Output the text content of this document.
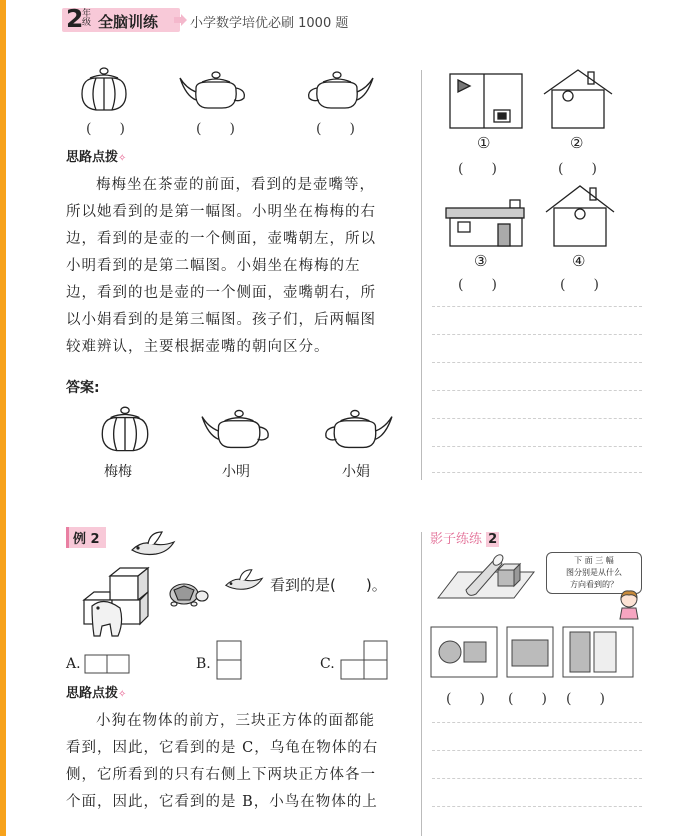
2
年级 全脑训练 小学数学培优必刷 1000 题
(　　)	(　　)	(　　)
思路点拨✧
梅梅坐在茶壶的前面，看到的是壶嘴等，
所以她看到的是第一幅图。小明坐在梅梅的右
边，看到的是壶的一个侧面，壶嘴朝左，所以
小明看到的是第二幅图。小娟坐在梅梅的左
边，看到的也是壶的一个侧面，壶嘴朝右，所
以小娟看到的是第三幅图。孩子们，后两幅图
较难辨认，主要根据壶嘴的朝向区分。
答案:
梅梅	小明	小娟
①	②
(　　)	(　　)
③	④
(　　)	(　　)
例 2
看到的是(　　)。
A.	B.	C.
思路点拨✧
小狗在物体的前方，三块正方体的面都能
看到，因此，它看到的是 C，乌龟在物体的右
侧，它所看到的只有右侧上下两块正方体各一
个面，因此，它看到的是 B，小鸟在物体的上
影子练练 2
下 面 三 幅
图分别是从什么
方向看到的？
(　　) (　　) (　　)
